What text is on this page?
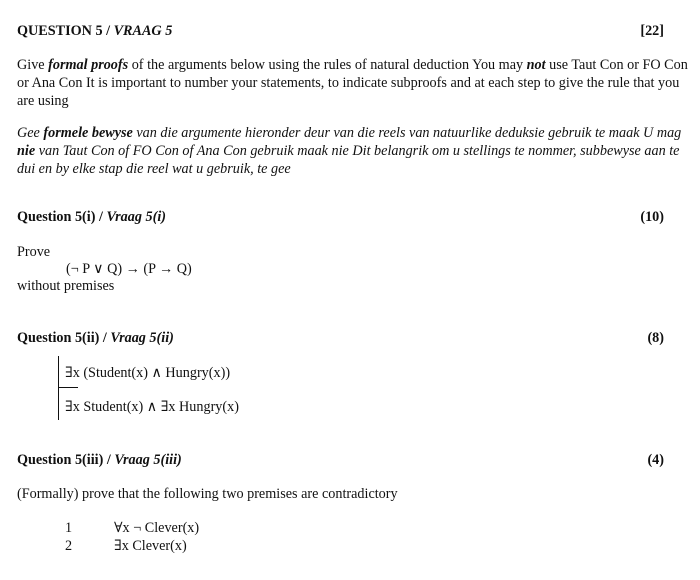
QUESTION 5 / VRAAG 5	[22]
Give formal proofs of the arguments below using the rules of natural deduction You may not use Taut Con or FO Con or Ana Con It is important to number your statements, to indicate subproofs and at each step to give the rule that you are using
Gee formele bewyse van die argumente hieronder deur van die reels van natuurlike deduksie gebruik te maak U mag nie van Taut Con of FO Con of Ana Con gebruik maak nie Dit belangrik om u stellings te nommer, subbewyse aan te dui en by elke stap die reel wat u gebruik, te gee
Question 5(i) / Vraag 5(i)	(10)
Prove
(¬ P ∨ Q) → (P → Q)
without premises
Question 5(ii) / Vraag 5(ii)	(8)
∃x (Student(x) ∧ Hungry(x))
∃x Student(x) ∧ ∃x Hungry(x)
Question 5(iii) / Vraag 5(iii)	(4)
(Formally) prove that the following two premises are contradictory
1	∀x ¬ Clever(x)
2	∃x Clever(x)
